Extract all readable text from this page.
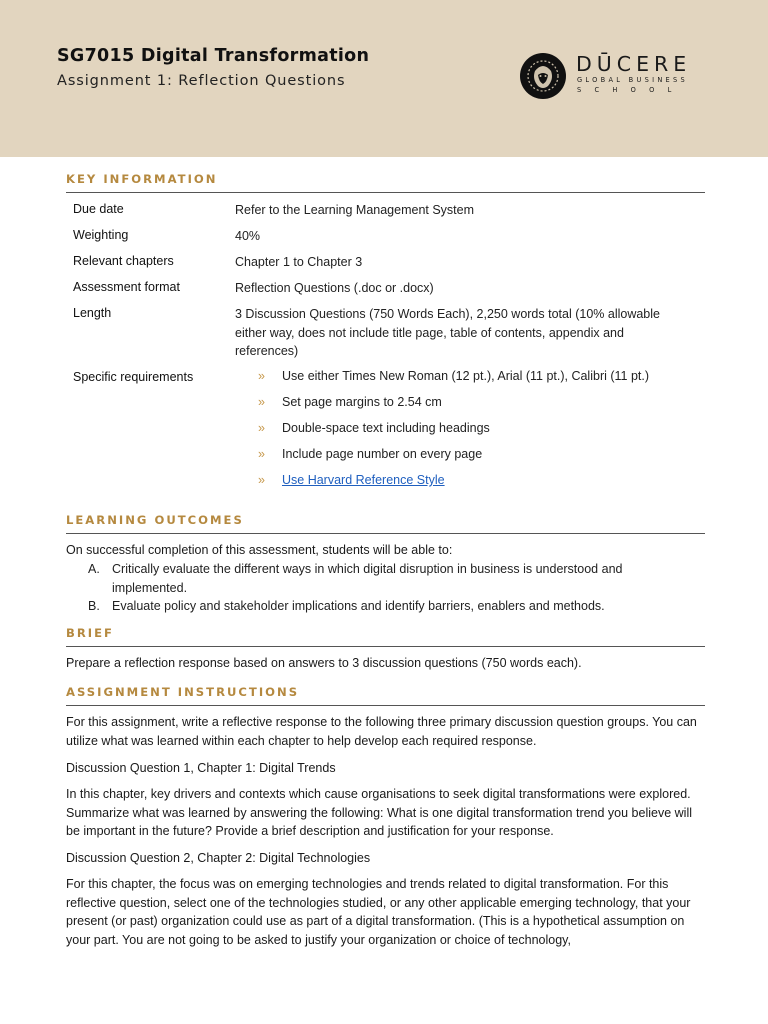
SG7015 Digital Transformation
Assignment 1: Reflection Questions
DŪCERE
GLOBAL BUSINESS
SCHOOL
KEY INFORMATION
Due date	Refer to the Learning Management System
Weighting	40%
Relevant chapters	Chapter 1 to Chapter 3
Assessment format	Reflection Questions (.doc or .docx)
Length	3 Discussion Questions (750 Words Each), 2,250 words total (10% allowable either way, does not include title page, table of contents, appendix and references)
Specific requirements	» Use either Times New Roman (12 pt.), Arial (11 pt.), Calibri (11 pt.)
» Set page margins to 2.54 cm
» Double-space text including headings
» Include page number on every page
» Use Harvard Reference Style
LEARNING OUTCOMES
On successful completion of this assessment, students will be able to:
A. Critically evaluate the different ways in which digital disruption in business is understood and implemented.
B. Evaluate policy and stakeholder implications and identify barriers, enablers and methods.
BRIEF
Prepare a reflection response based on answers to 3 discussion questions (750 words each).
ASSIGNMENT INSTRUCTIONS
For this assignment, write a reflective response to the following three primary discussion question groups. You can utilize what was learned within each chapter to help develop each required response.
Discussion Question 1, Chapter 1: Digital Trends
In this chapter, key drivers and contexts which cause organisations to seek digital transformations were explored. Summarize what was learned by answering the following: What is one digital transformation trend you believe will be important in the future? Provide a brief description and justification for your response.
Discussion Question 2, Chapter 2: Digital Technologies
For this chapter, the focus was on emerging technologies and trends related to digital transformation. For this reflective question, select one of the technologies studied, or any other applicable emerging technology, that your present (or past) organization could use as part of a digital transformation. (This is a hypothetical assumption on your part. You are not going to be asked to justify your organization or choice of technology,
